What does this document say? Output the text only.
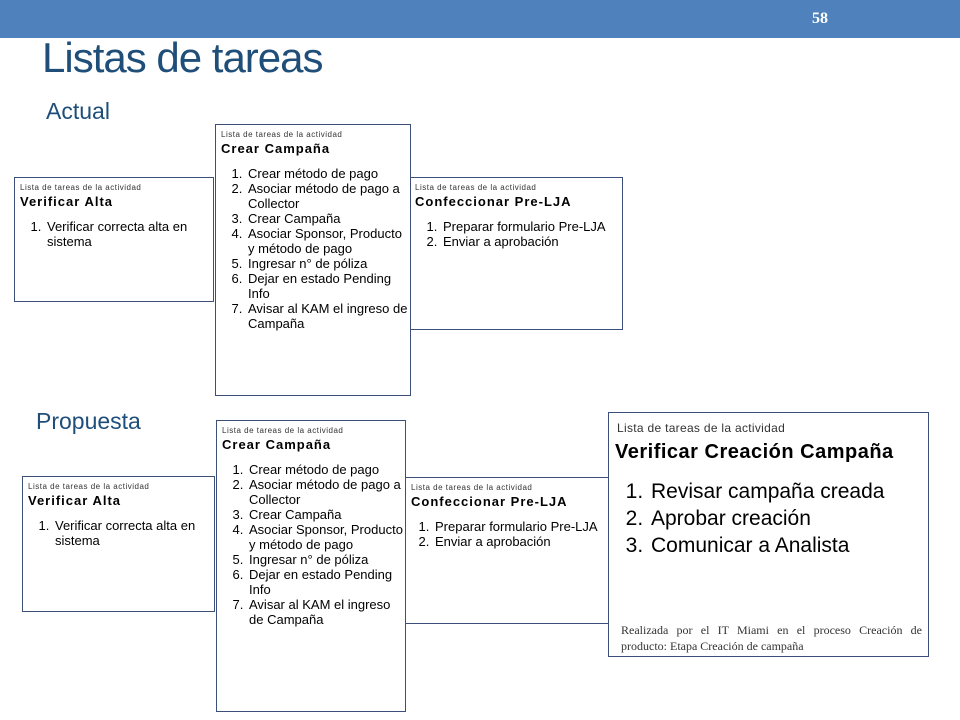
58
Listas de tareas
Actual
Propuesta
Lista de tareas de la actividad
Verificar Alta
1. Verificar correcta alta en sistema
Lista de tareas de la actividad
Confeccionar Pre-LJA
1. Preparar formulario Pre-LJA
2. Enviar a aprobación
Lista de tareas de la actividad
Crear Campaña
1. Crear método de pago
2. Asociar método de pago a Collector
3. Crear Campaña
4. Asociar Sponsor, Producto y método de pago
5. Ingresar n° de póliza
6. Dejar en estado Pending Info
7. Avisar al KAM el ingreso de Campaña
Lista de tareas de la actividad
Verificar Alta
1. Verificar correcta alta en sistema
Lista de tareas de la actividad
Confeccionar Pre-LJA
1. Preparar formulario Pre-LJA
2. Enviar a aprobación
Lista de tareas de la actividad
Crear Campaña
1. Crear método de pago
2. Asociar método de pago a Collector
3. Crear Campaña
4. Asociar Sponsor, Producto y método de pago
5. Ingresar n° de póliza
6. Dejar en estado Pending Info
7. Avisar al KAM el ingreso de Campaña
Lista de tareas de la actividad
Verificar Creación Campaña
1. Revisar campaña creada
2. Aprobar creación
3. Comunicar a Analista
Realizada por el IT Miami en el proceso Creación de producto: Etapa Creación de campaña
